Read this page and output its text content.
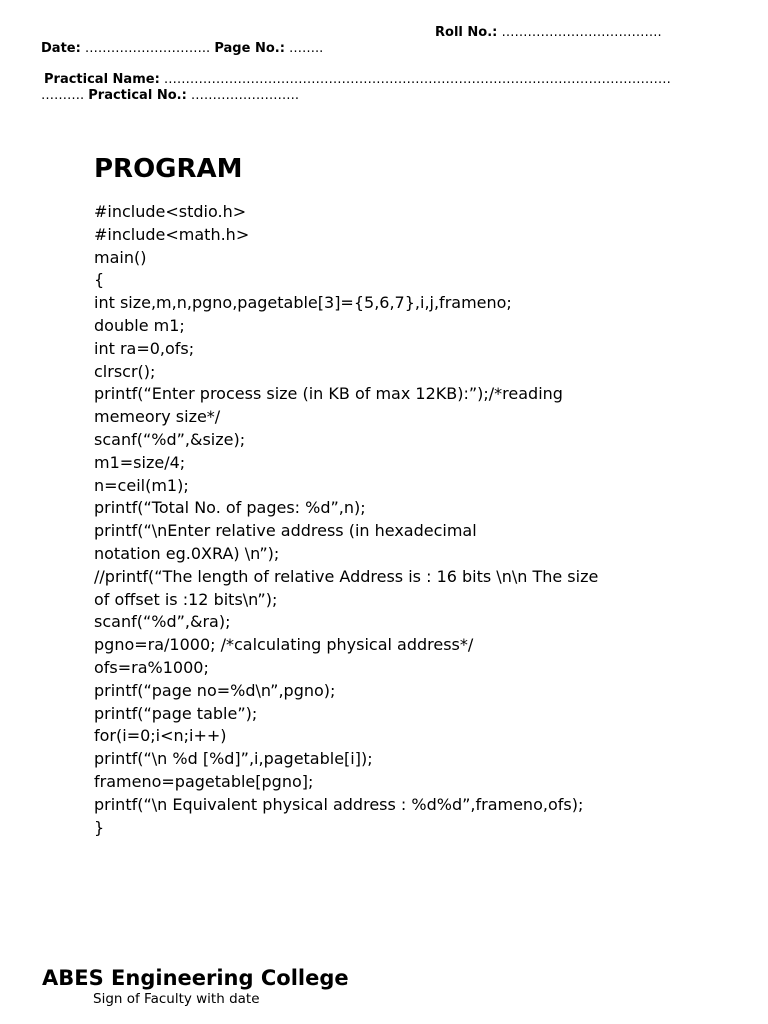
Roll No.: ……………………………….
Date: ……………………….. Page No.: ……..
Practical Name: ………………………………………………………………………………………………………
………. Practical No.: …………………….
PROGRAM
#include<stdio.h>
#include<math.h>
main()
{
int size,m,n,pgno,pagetable[3]={5,6,7},i,j,frameno;
double m1;
int ra=0,ofs;
clrscr();
printf(“Enter process size (in KB of max 12KB):”);/*reading
memeory size*/
scanf(“%d”,&size);
m1=size/4;
n=ceil(m1);
printf(“Total No. of pages: %d”,n);
printf(“\nEnter relative address (in hexadecimal
notation eg.0XRA) \n”);
//printf(“The length of relative Address is : 16 bits \n\n The size
of offset is :12 bits\n”);
scanf(“%d”,&ra);
pgno=ra/1000; /*calculating physical address*/
ofs=ra%1000;
printf(“page no=%d\n”,pgno);
printf(“page table”);
for(i=0;i<n;i++)
printf(“\n %d [%d]”,i,pagetable[i]);
frameno=pagetable[pgno];
printf(“\n Equivalent physical address : %d%d”,frameno,ofs);
}
ABES Engineering College
Sign of Faculty with date
